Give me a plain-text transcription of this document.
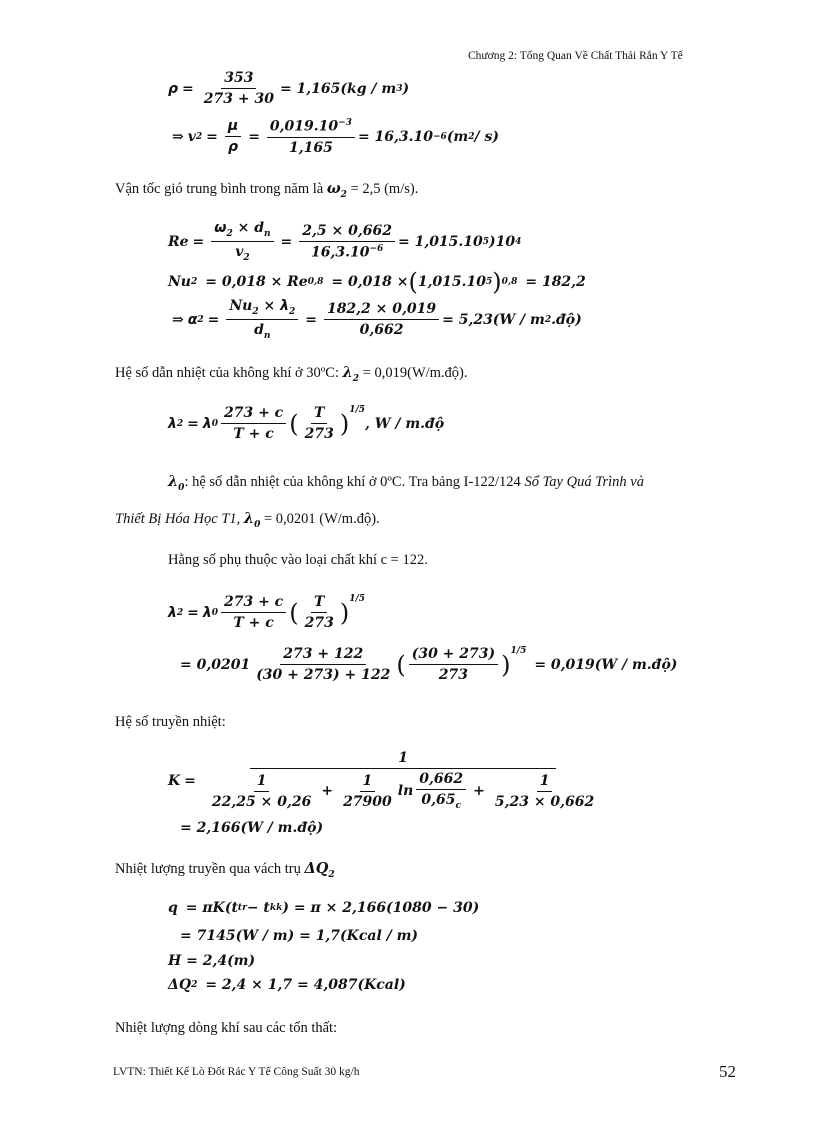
Chương 2: Tổng Quan Về Chất Thải Rắn Y Tế
$\rho = \frac{353}{273 + 30} = 1,165(kg / m$ 3 )
⇒ v $2 = \frac{\mu}{\rho} = \frac{0,019.10^{-3}}{1,165} = 16,3.10 -6$ (m 2 / s)
Vận tốc gió trung bình trong năm là $\omega_2 = 2,5$ (m/s).
$Re = \frac{\omega_2 \times d_n}{v_2} = \frac{2,5 \times 0,662}{16,3.10^{-6}} = 1,015.10$ 5 )10 4
Nu 2 = 0,018 × Re 0,8 = 0,018 × ( 1,015.10 5 ) 0,8 = 182,2
⇒ α $2 = \frac{Nu_2 \times \lambda_2}{d_n} = \frac{182,2 \times 0,019}{0,662} = 5,23(W / m$ 2 .độ)
Hệ số dẫn nhiệt của không khí ở 30ºC: $\lambda_2$ = 0,019(W/m.độ).
λ 2 = λ $0 \frac{273 + c}{T + c}$ ( $\frac{T}{273} )^{1/5}$
, W / m.độ
$\lambda_0$: hệ số dẫn nhiệt của không khí ở 0ºC. Tra bảng I-122/124 Sổ Tay Quá Trình và
Thiết Bị Hóa Học T1, $\lambda_0 = 0,0201$ (W/m.độ).
Hằng số phụ thuộc vào loại chất khí c = 122.
λ 2 = λ $0 \frac{273 + c}{T + c}$ ( $\frac{T}{273} )^{1/5}$
= $0,0201 \frac{273 + 122}{(30 + 273) + 122}$ ( $\frac{(30 + 273)}{273} )^{1/5}$
= 0,019(W / m.độ)
Hệ số truyền nhiệt:
K =
1
$\frac{1}{22,25 \times 0,26} + \frac{1}{27900}$ $\ln \frac{0,662}{0,65_c} + \frac{1}{5,23 \times 0,662}$
= 2,166(W / m.độ)
Nhiệt lượng truyền qua vách trụ $\Delta Q_2$
q = πK(t tr − t kk ) = π × 2,166(1080 − 30)
= 7145(W / m) = 1,7(Kcal / m)
H = 2,4(m)
ΔQ 2 = 2,4 × 1,7 = 4,087(Kcal)
Nhiệt lượng dòng khí sau các tổn thất:
LVTN: Thiết Kế Lò Đốt Rác Y Tế Công Suất 30 kg/h	52
